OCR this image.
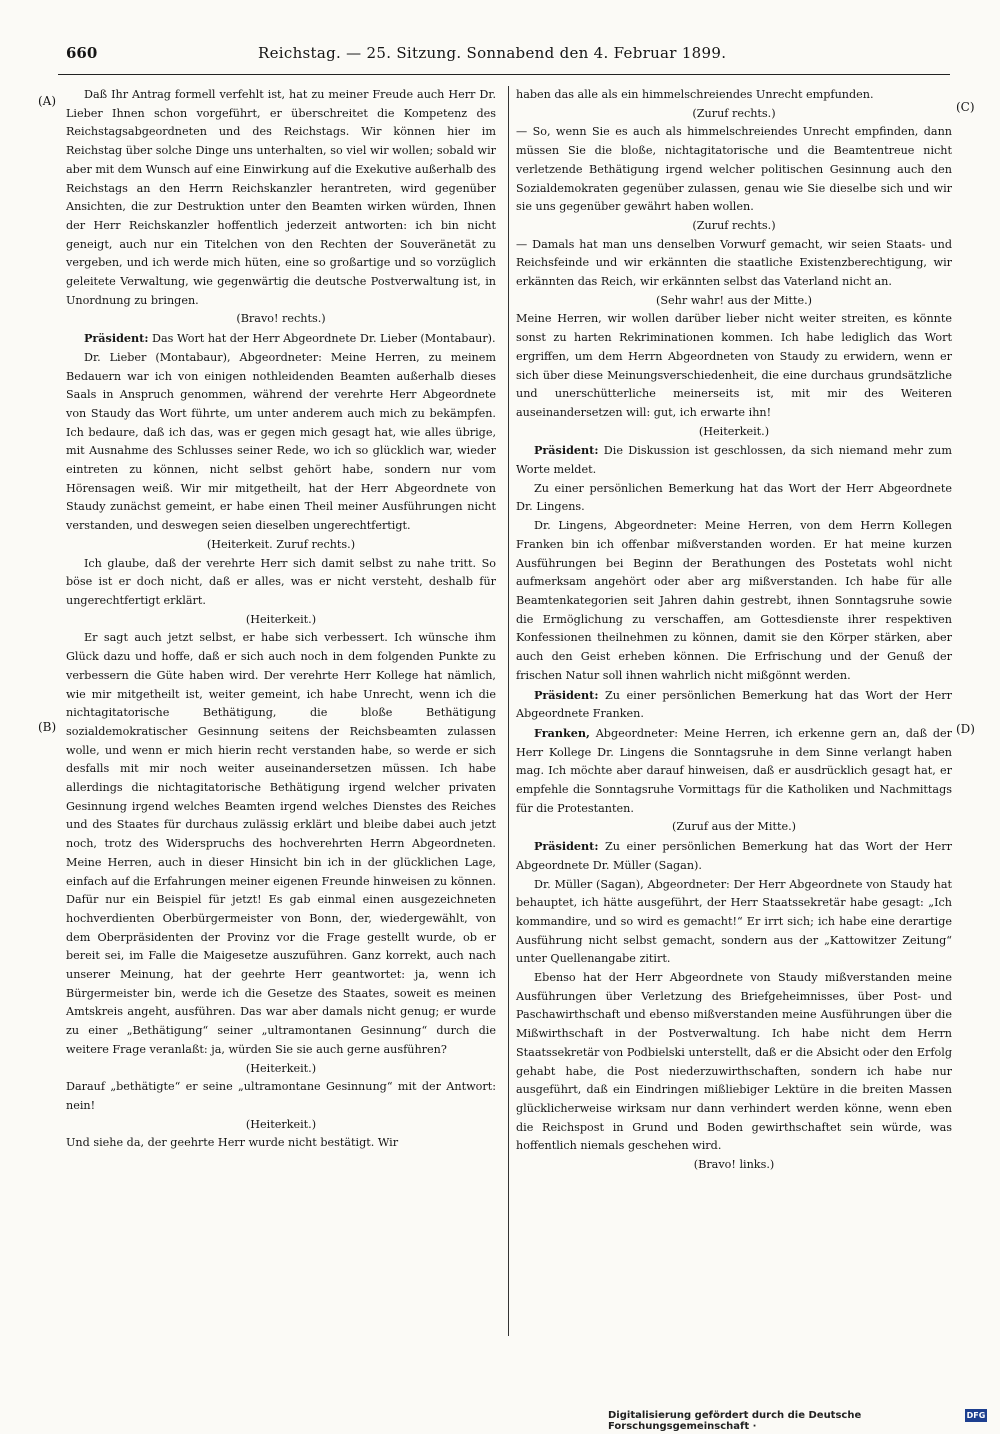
660	Reichstag. — 25. Sitzung. Sonnabend den 4. Februar 1899.
(A)
(B)
(C)
(D)

Daß Ihr Antrag formell verfehlt ist, hat zu meiner Freude auch Herr Dr. Lieber Ihnen schon vorgeführt, er überschreitet die Kompetenz des Reichstagsabgeordneten und des Reichstags. Wir können hier im Reichstag über solche Dinge uns unterhalten, so viel wir wollen; sobald wir aber mit dem Wunsch auf eine Einwirkung auf die Exekutive außerhalb des Reichstags an den Herrn Reichskanzler herantreten, wird gegenüber Ansichten, die zur Destruktion unter den Beamten wirken würden, Ihnen der Herr Reichskanzler hoffentlich jederzeit antworten: ich bin nicht geneigt, auch nur ein Titelchen von den Rechten der Souveränetät zu vergeben, und ich werde mich hüten, eine so großartige und so vorzüglich geleitete Verwaltung, wie gegenwärtig die deutsche Postverwaltung ist, in Unordnung zu bringen.

(Bravo! rechts.)

Präsident: Das Wort hat der Herr Abgeordnete Dr. Lieber (Montabaur).

Dr. Lieber (Montabaur), Abgeordneter: Meine Herren, zu meinem Bedauern war ich von einigen nothleidenden Beamten außerhalb dieses Saals in Anspruch genommen, während der verehrte Herr Abgeordnete von Staudy das Wort führte, um unter anderem auch mich zu bekämpfen. Ich bedaure, daß ich das, was er gegen mich gesagt hat, wie alles übrige, mit Ausnahme des Schlusses seiner Rede, wo ich so glücklich war, wieder eintreten zu können, nicht selbst gehört habe, sondern nur vom Hörensagen weiß. Wir mir mitgetheilt, hat der Herr Abgeordnete von Staudy zunächst gemeint, er habe einen Theil meiner Ausführungen nicht verstanden, und deswegen seien dieselben ungerechtfertigt.

(Heiterkeit. Zuruf rechts.)

Ich glaube, daß der verehrte Herr sich damit selbst zu nahe tritt. So böse ist er doch nicht, daß er alles, was er nicht versteht, deshalb für ungerechtfertigt erklärt.

(Heiterkeit.)

Er sagt auch jetzt selbst, er habe sich verbessert. Ich wünsche ihm Glück dazu und hoffe, daß er sich auch noch in dem folgenden Punkte zu verbessern die Güte haben wird. Der verehrte Herr Kollege hat nämlich, wie mir mitgetheilt ist, weiter gemeint, ich habe Unrecht, wenn ich die nichtagitatorische Bethätigung, die bloße Bethätigung sozialdemokratischer Gesinnung seitens der Reichsbeamten zulassen wolle, und wenn er mich hierin recht verstanden habe, so werde er sich desfalls mit mir noch weiter auseinandersetzen müssen. Ich habe allerdings die nichtagitatorische Bethätigung irgend welcher privaten Gesinnung irgend welches Beamten irgend welches Dienstes des Reiches und des Staates für durchaus zulässig erklärt und bleibe dabei auch jetzt noch, trotz des Widerspruchs des hochverehrten Herrn Abgeordneten. Meine Herren, auch in dieser Hinsicht bin ich in der glücklichen Lage, einfach auf die Erfahrungen meiner eigenen Freunde hinweisen zu können. Dafür nur ein Beispiel für jetzt! Es gab einmal einen ausgezeichneten hochverdienten Oberbürgermeister von Bonn, der, wiedergewählt, von dem Oberpräsidenten der Provinz vor die Frage gestellt wurde, ob er bereit sei, im Falle die Maigesetze auszuführen. Ganz korrekt, auch nach unserer Meinung, hat der geehrte Herr geantwortet: ja, wenn ich Bürgermeister bin, werde ich die Gesetze des Staates, soweit es meinen Amtskreis angeht, ausführen. Das war aber damals nicht genug; er wurde zu einer „Bethätigung“ seiner „ultramontanen Gesinnung“ durch die weitere Frage veranlaßt: ja, würden Sie sie auch gerne ausführen?

(Heiterkeit.)

Darauf „bethätigte“ er seine „ultramontane Gesinnung“ mit der Antwort: nein!

(Heiterkeit.)

Und siehe da, der geehrte Herr wurde nicht bestätigt. Wir

haben das alle als ein himmelschreiendes Unrecht empfunden.

(Zuruf rechts.)

— So, wenn Sie es auch als himmelschreiendes Unrecht empfinden, dann müssen Sie die bloße, nichtagitatorische und die Beamtentreue nicht verletzende Bethätigung irgend welcher politischen Gesinnung auch den Sozialdemokraten gegenüber zulassen, genau wie Sie dieselbe sich und wir sie uns gegenüber gewährt haben wollen.

(Zuruf rechts.)

— Damals hat man uns denselben Vorwurf gemacht, wir seien Staats- und Reichsfeinde und wir erkännten die staatliche Existenzberechtigung, wir erkännten das Reich, wir erkännten selbst das Vaterland nicht an.

(Sehr wahr! aus der Mitte.)

Meine Herren, wir wollen darüber lieber nicht weiter streiten, es könnte sonst zu harten Rekriminationen kommen. Ich habe lediglich das Wort ergriffen, um dem Herrn Abgeordneten von Staudy zu erwidern, wenn er sich über diese Meinungsverschiedenheit, die eine durchaus grundsätzliche und unerschütterliche meinerseits ist, mit mir des Weiteren auseinandersetzen will: gut, ich erwarte ihn!

(Heiterkeit.)

Präsident: Die Diskussion ist geschlossen, da sich niemand mehr zum Worte meldet.

Zu einer persönlichen Bemerkung hat das Wort der Herr Abgeordnete Dr. Lingens.

Dr. Lingens, Abgeordneter: Meine Herren, von dem Herrn Kollegen Franken bin ich offenbar mißverstanden worden. Er hat meine kurzen Ausführungen bei Beginn der Berathungen des Postetats wohl nicht aufmerksam angehört oder aber arg mißverstanden. Ich habe für alle Beamtenkategorien seit Jahren dahin gestrebt, ihnen Sonntagsruhe sowie die Ermöglichung zu verschaffen, am Gottesdienste ihrer respektiven Konfessionen theilnehmen zu können, damit sie den Körper stärken, aber auch den Geist erheben können. Die Erfrischung und der Genuß der frischen Natur soll ihnen wahrlich nicht mißgönnt werden.

Präsident: Zu einer persönlichen Bemerkung hat das Wort der Herr Abgeordnete Franken.

Franken, Abgeordneter: Meine Herren, ich erkenne gern an, daß der Herr Kollege Dr. Lingens die Sonntagsruhe in dem Sinne verlangt haben mag. Ich möchte aber darauf hinweisen, daß er ausdrücklich gesagt hat, er empfehle die Sonntagsruhe Vormittags für die Katholiken und Nachmittags für die Protestanten.

(Zuruf aus der Mitte.)

Präsident: Zu einer persönlichen Bemerkung hat das Wort der Herr Abgeordnete Dr. Müller (Sagan).

Dr. Müller (Sagan), Abgeordneter: Der Herr Abgeordnete von Staudy hat behauptet, ich hätte ausgeführt, der Herr Staatssekretär habe gesagt: „Ich kommandire, und so wird es gemacht!“ Er irrt sich; ich habe eine derartige Ausführung nicht selbst gemacht, sondern aus der „Kattowitzer Zeitung“ unter Quellenangabe zitirt.

Ebenso hat der Herr Abgeordnete von Staudy mißverstanden meine Ausführungen über Verletzung des Briefgeheimnisses, über Post- und Paschawirthschaft und ebenso mißverstanden meine Ausführungen über die Mißwirthschaft in der Postverwaltung. Ich habe nicht dem Herrn Staatssekretär von Podbielski unterstellt, daß er die Absicht oder den Erfolg gehabt habe, die Post niederzuwirthschaften, sondern ich habe nur ausgeführt, daß ein Eindringen mißliebiger Lektüre in die breiten Massen glücklicherweise wirksam nur dann verhindert werden könne, wenn eben die Reichspost in Grund und Boden gewirthschaftet sein würde, was hoffentlich niemals geschehen wird.

(Bravo! links.)

Digitalisierung gefördert durch die Deutsche Forschungsgemeinschaft ·
DFG
